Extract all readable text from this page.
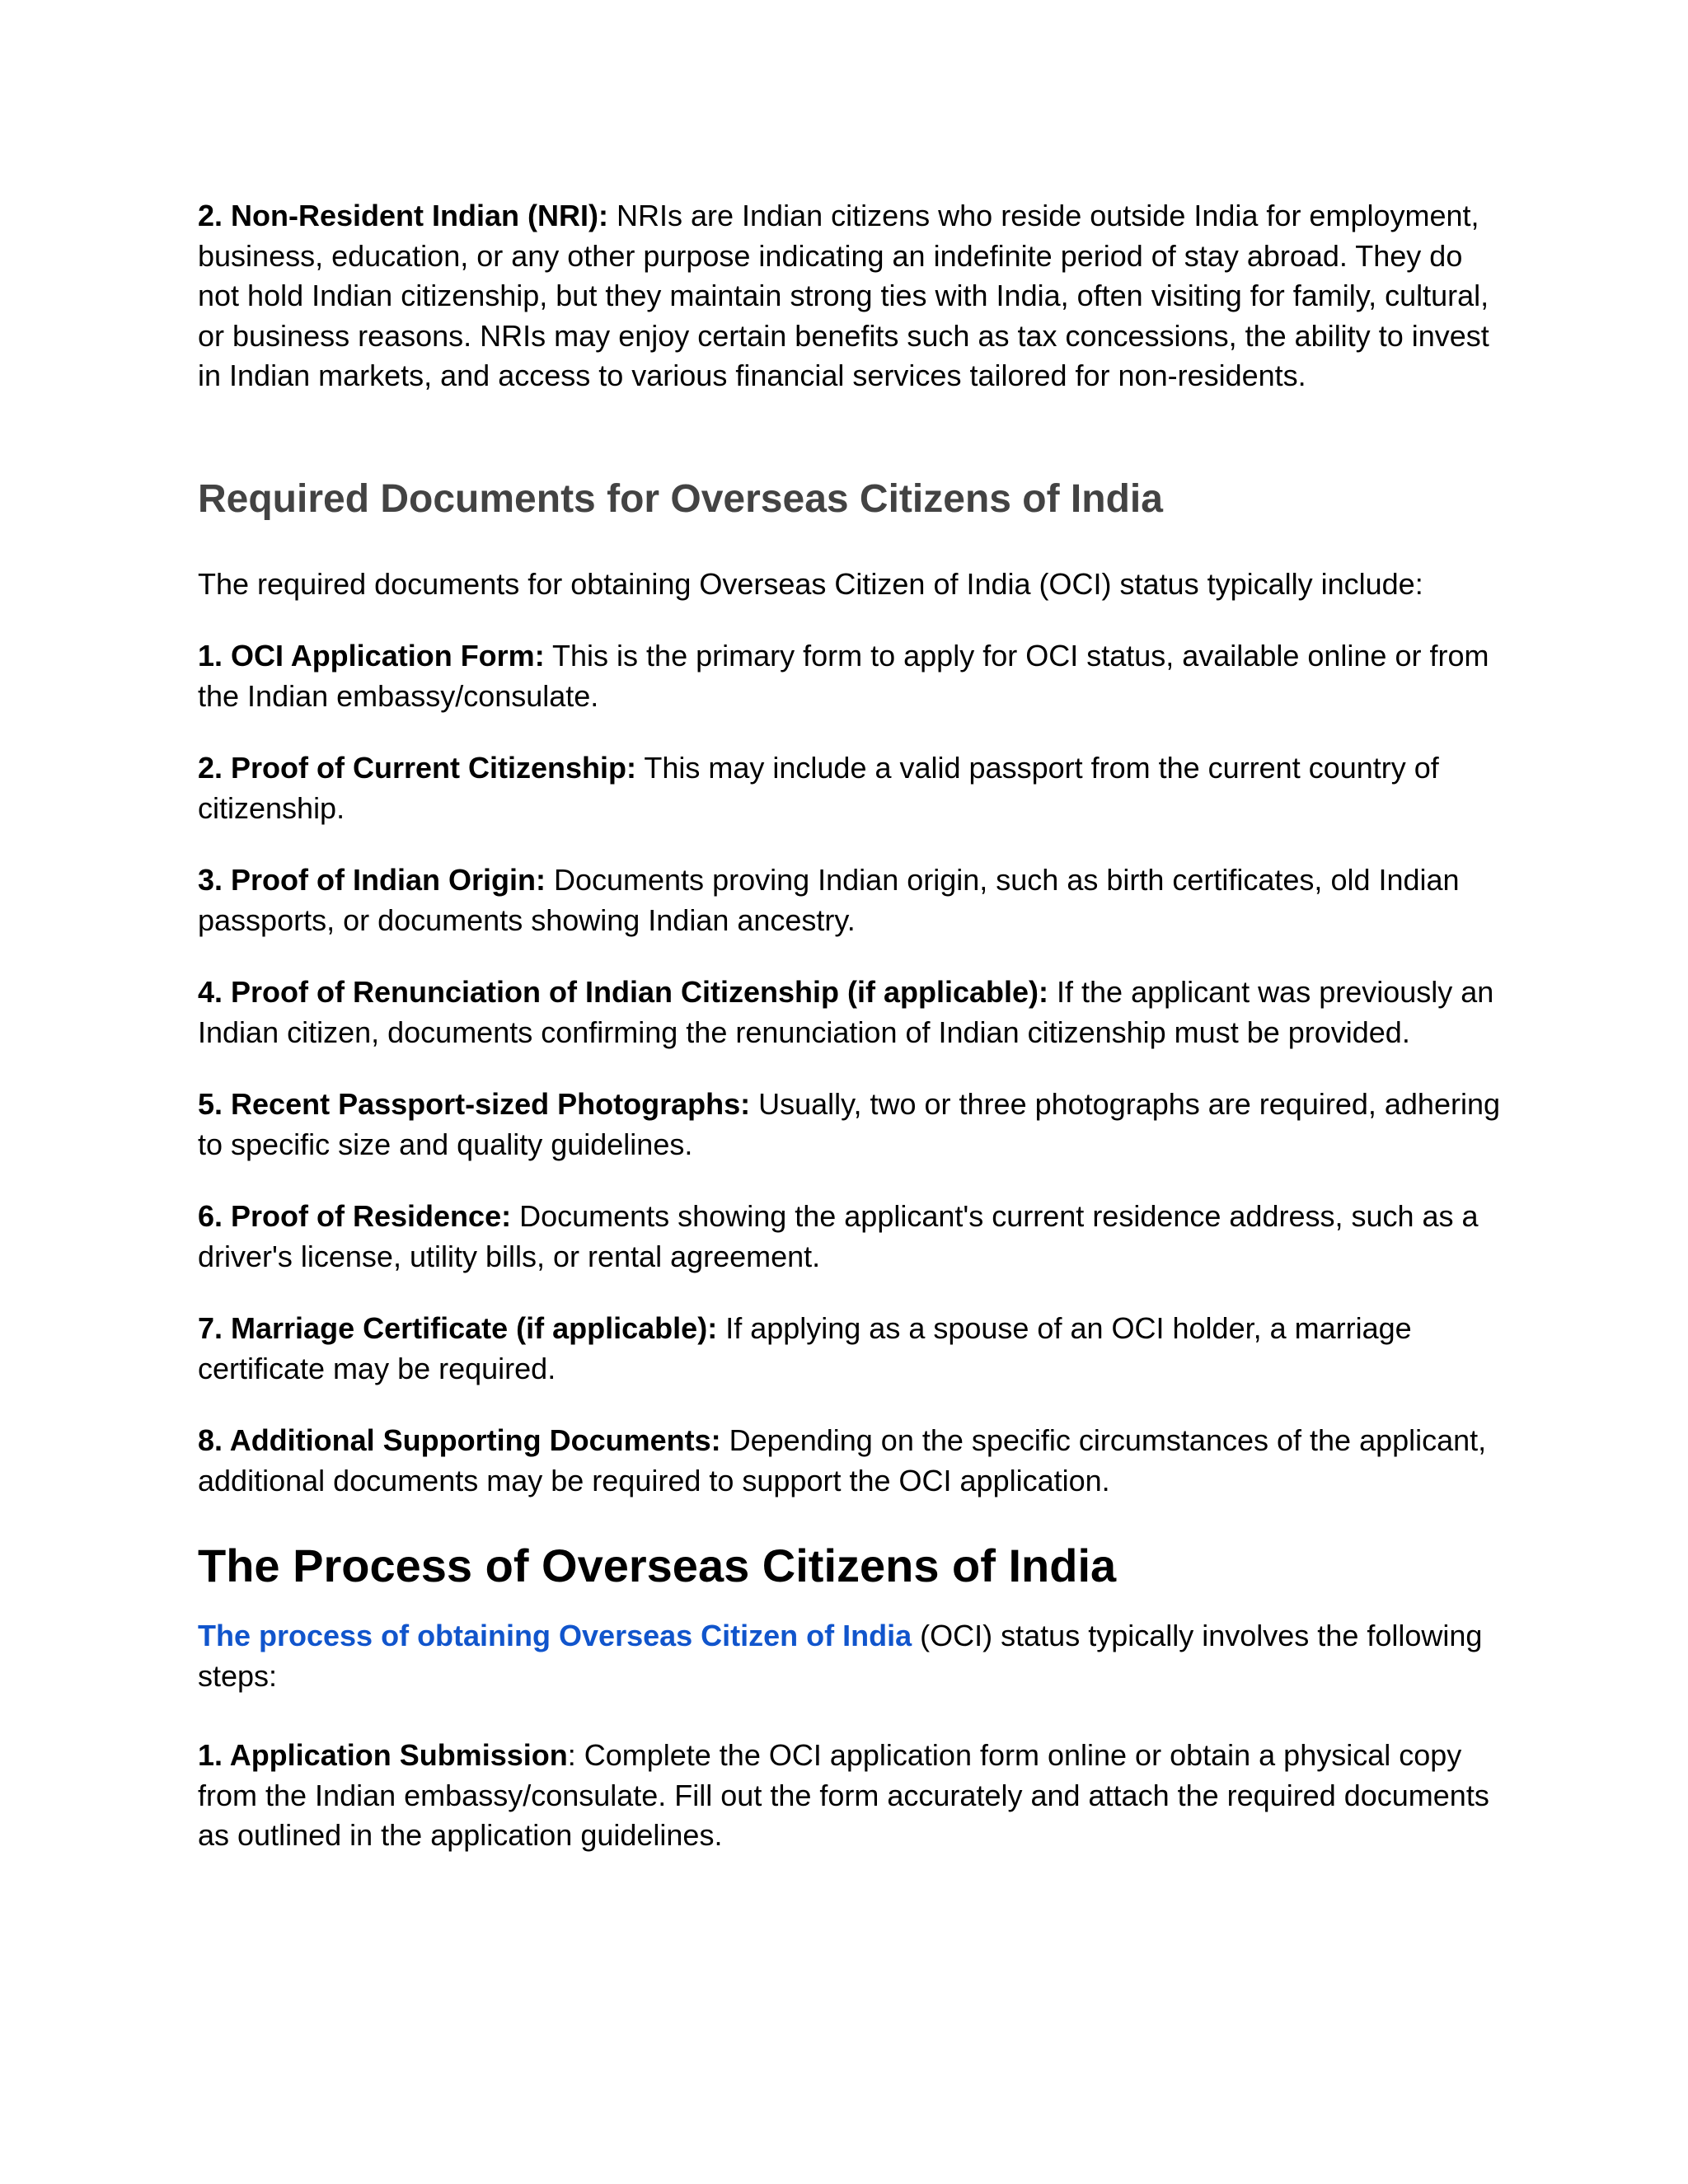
2. Non-Resident Indian (NRI): NRIs are Indian citizens who reside outside India for employment, business, education, or any other purpose indicating an indefinite period of stay abroad. They do not hold Indian citizenship, but they maintain strong ties with India, often visiting for family, cultural, or business reasons. NRIs may enjoy certain benefits such as tax concessions, the ability to invest in Indian markets, and access to various financial services tailored for non-residents.

Required Documents for Overseas Citizens of India

The required documents for obtaining Overseas Citizen of India (OCI) status typically include:

1. OCI Application Form: This is the primary form to apply for OCI status, available online or from the Indian embassy/consulate.

2. Proof of Current Citizenship: This may include a valid passport from the current country of citizenship.

3. Proof of Indian Origin: Documents proving Indian origin, such as birth certificates, old Indian passports, or documents showing Indian ancestry.

4. Proof of Renunciation of Indian Citizenship (if applicable): If the applicant was previously an Indian citizen, documents confirming the renunciation of Indian citizenship must be provided.

5. Recent Passport-sized Photographs: Usually, two or three photographs are required, adhering to specific size and quality guidelines.

6. Proof of Residence: Documents showing the applicant's current residence address, such as a driver's license, utility bills, or rental agreement.

7. Marriage Certificate (if applicable): If applying as a spouse of an OCI holder, a marriage certificate may be required.

8. Additional Supporting Documents: Depending on the specific circumstances of the applicant, additional documents may be required to support the OCI application.

The Process of Overseas Citizens of India

The process of obtaining Overseas Citizen of India (OCI) status typically involves the following steps:

1. Application Submission: Complete the OCI application form online or obtain a physical copy from the Indian embassy/consulate. Fill out the form accurately and attach the required documents as outlined in the application guidelines.
